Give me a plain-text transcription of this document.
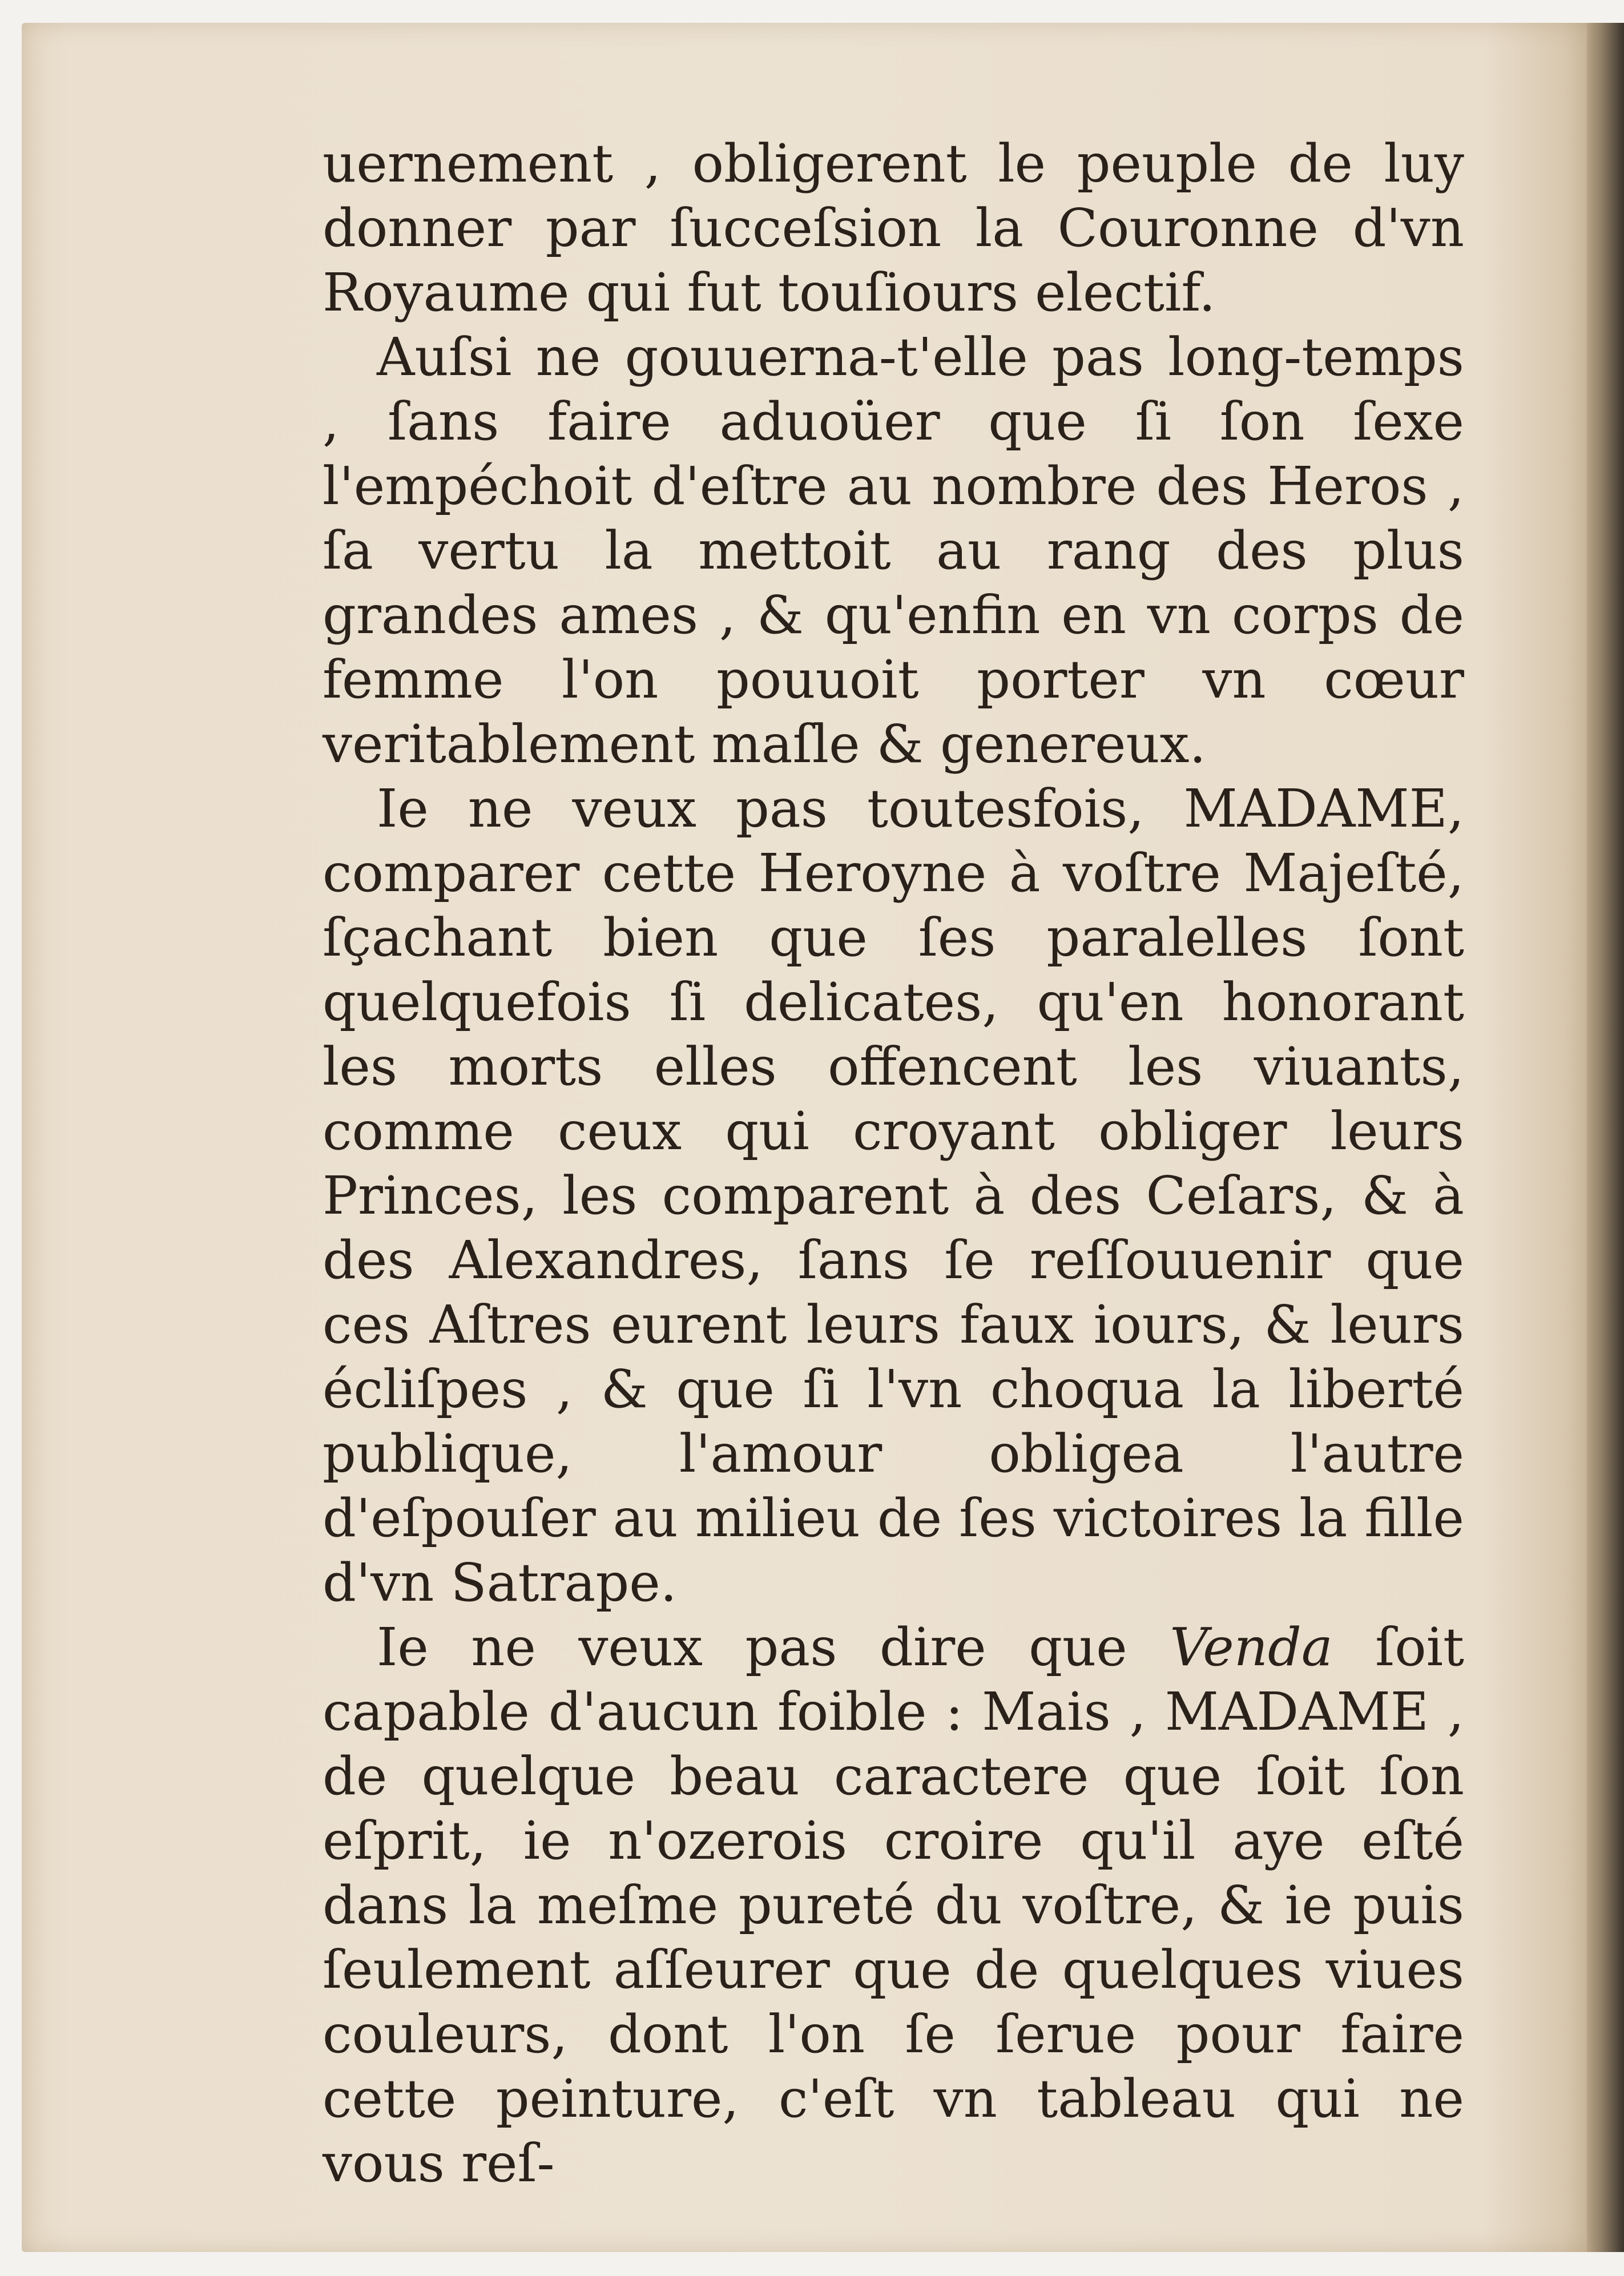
uernement , obligerent le peuple de luy donner par ſucceſsion la Couronne d'vn Royaume qui fut touſiours electif.

Auſsi ne gouuerna-t'elle pas long-temps , ſans faire aduoüer que ſi ſon ſexe l'empéchoit d'eſtre au nombre des Heros , ſa vertu la mettoit au rang des plus grandes ames , & qu'enfin en vn corps de femme l'on pouuoit porter vn cœur veritablement maſle & genereux.

Ie ne veux pas toutesfois, MADAME, comparer cette Heroyne à voſtre Majeſté, ſçachant bien que ſes paralelles ſont quelquefois ſi delicates, qu'en honorant les morts elles offencent les viuants, comme ceux qui croyant obliger leurs Princes, les comparent à des Ceſars, & à des Alexandres, ſans ſe reſſouuenir que ces Aſtres eurent leurs faux iours, & leurs écliſpes , & que ſi l'vn choqua la liberté publique, l'amour obligea l'autre d'eſpouſer au milieu de ſes victoires la fille d'vn Satrape.

Ie ne veux pas dire que Venda ſoit capable d'aucun foible : Mais , MADAME , de quelque beau caractere que ſoit ſon eſprit, ie n'ozerois croire qu'il aye eſté dans la meſme pureté du voſtre, & ie puis ſeulement aſſeurer que de quelques viues couleurs, dont l'on ſe ſerue pour faire cette peinture, c'eſt vn tableau qui ne vous reſ-
